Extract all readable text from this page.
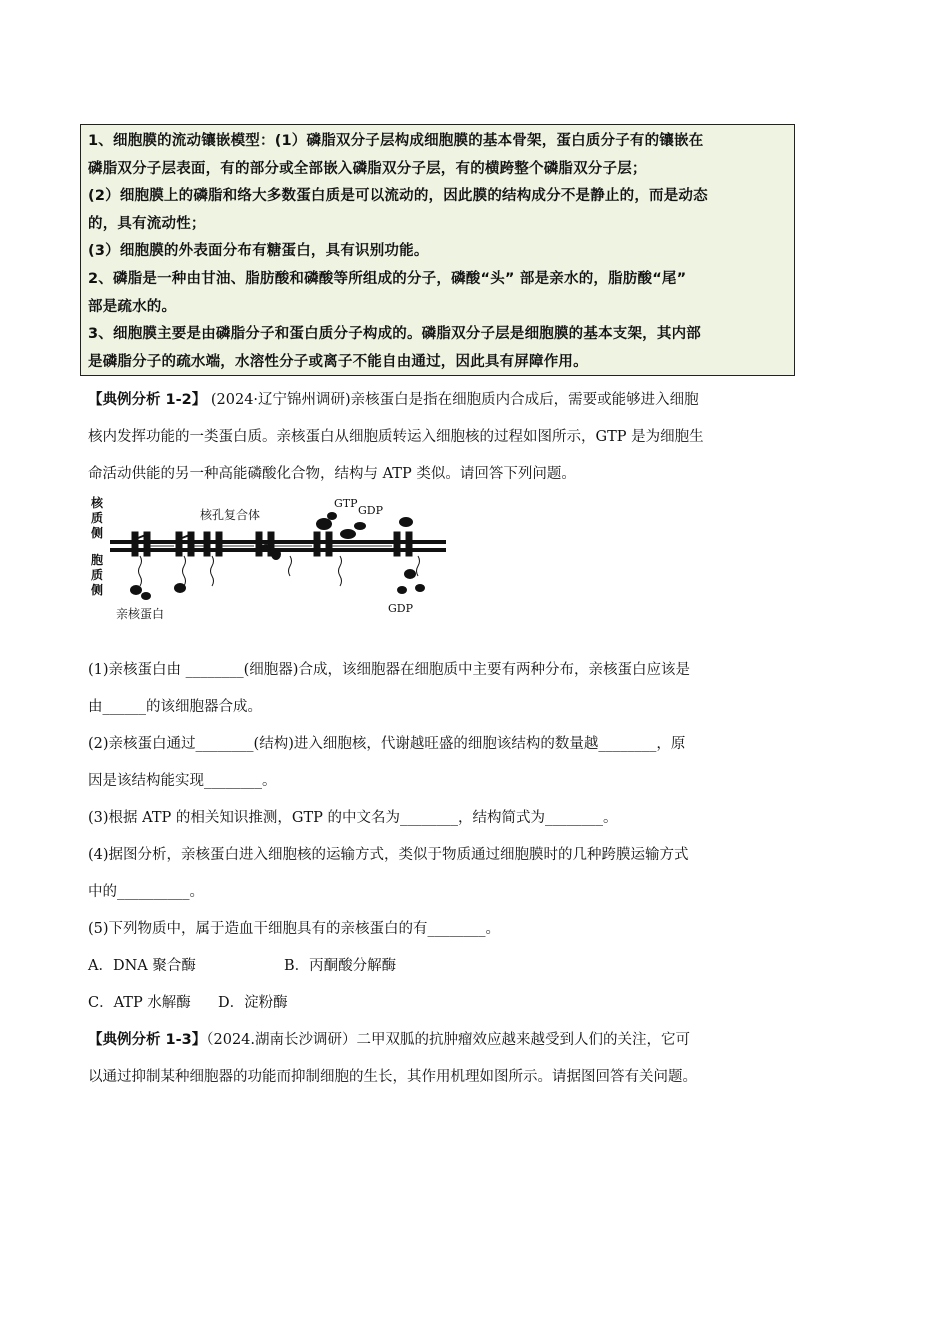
1、细胞膜的流动镶嵌模型：(1）磷脂双分子层构成细胞膜的基本骨架，蛋白质分子有的镶嵌在

磷脂双分子层表面，有的部分或全部嵌入磷脂双分子层，有的横跨整个磷脂双分子层；

(2）细胞膜上的磷脂和络大多数蛋白质是可以流动的，因此膜的结构成分不是静止的，而是动态

的，具有流动性；

(3）细胞膜的外表面分布有糖蛋白，具有识别功能。

2、磷脂是一种由甘油、脂肪酸和磷酸等所组成的分子，磷酸“头” 部是亲水的，脂肪酸“尾”

部是疏水的。

3、细胞膜主要是由磷脂分子和蛋白质分子构成的。磷脂双分子层是细胞膜的基本支架，其内部

是磷脂分子的疏水端，水溶性分子或离子不能自由通过，因此具有屏障作用。

【典例分析 1-2】 (2024·辽宁锦州调研)亲核蛋白是指在细胞质内合成后，需要或能够进入细胞

核内发挥功能的一类蛋白质。亲核蛋白从细胞质转运入细胞核的过程如图所示，GTP 是为细胞生

命活动供能的另一种高能磷酸化合物，结构与 ATP 类似。请回答下列问题。

核
质
侧
胞
质
侧
核孔复合体
GTP
GDP
GDP
亲核蛋白

(1)亲核蛋白由 ________(细胞器)合成，该细胞器在细胞质中主要有两种分布，亲核蛋白应该是

由______的该细胞器合成。

(2)亲核蛋白通过________(结构)进入细胞核，代谢越旺盛的细胞该结构的数量越________，原

因是该结构能实现________。

(3)根据 ATP 的相关知识推测，GTP 的中文名为________，结构简式为________。

(4)据图分析，亲核蛋白进入细胞核的运输方式，类似于物质通过细胞膜时的几种跨膜运输方式

中的__________。

(5)下列物质中，属于造血干细胞具有的亲核蛋白的有________。

A．DNA 聚合酶	B．丙酮酸分解酶

C．ATP 水解酶 D．淀粉酶

【典例分析 1-3】（2024.湖南长沙调研）二甲双胍的抗肿瘤效应越来越受到人们的关注，它可

以通过抑制某种细胞器的功能而抑制细胞的生长，其作用机理如图所示。请据图回答有关问题。
